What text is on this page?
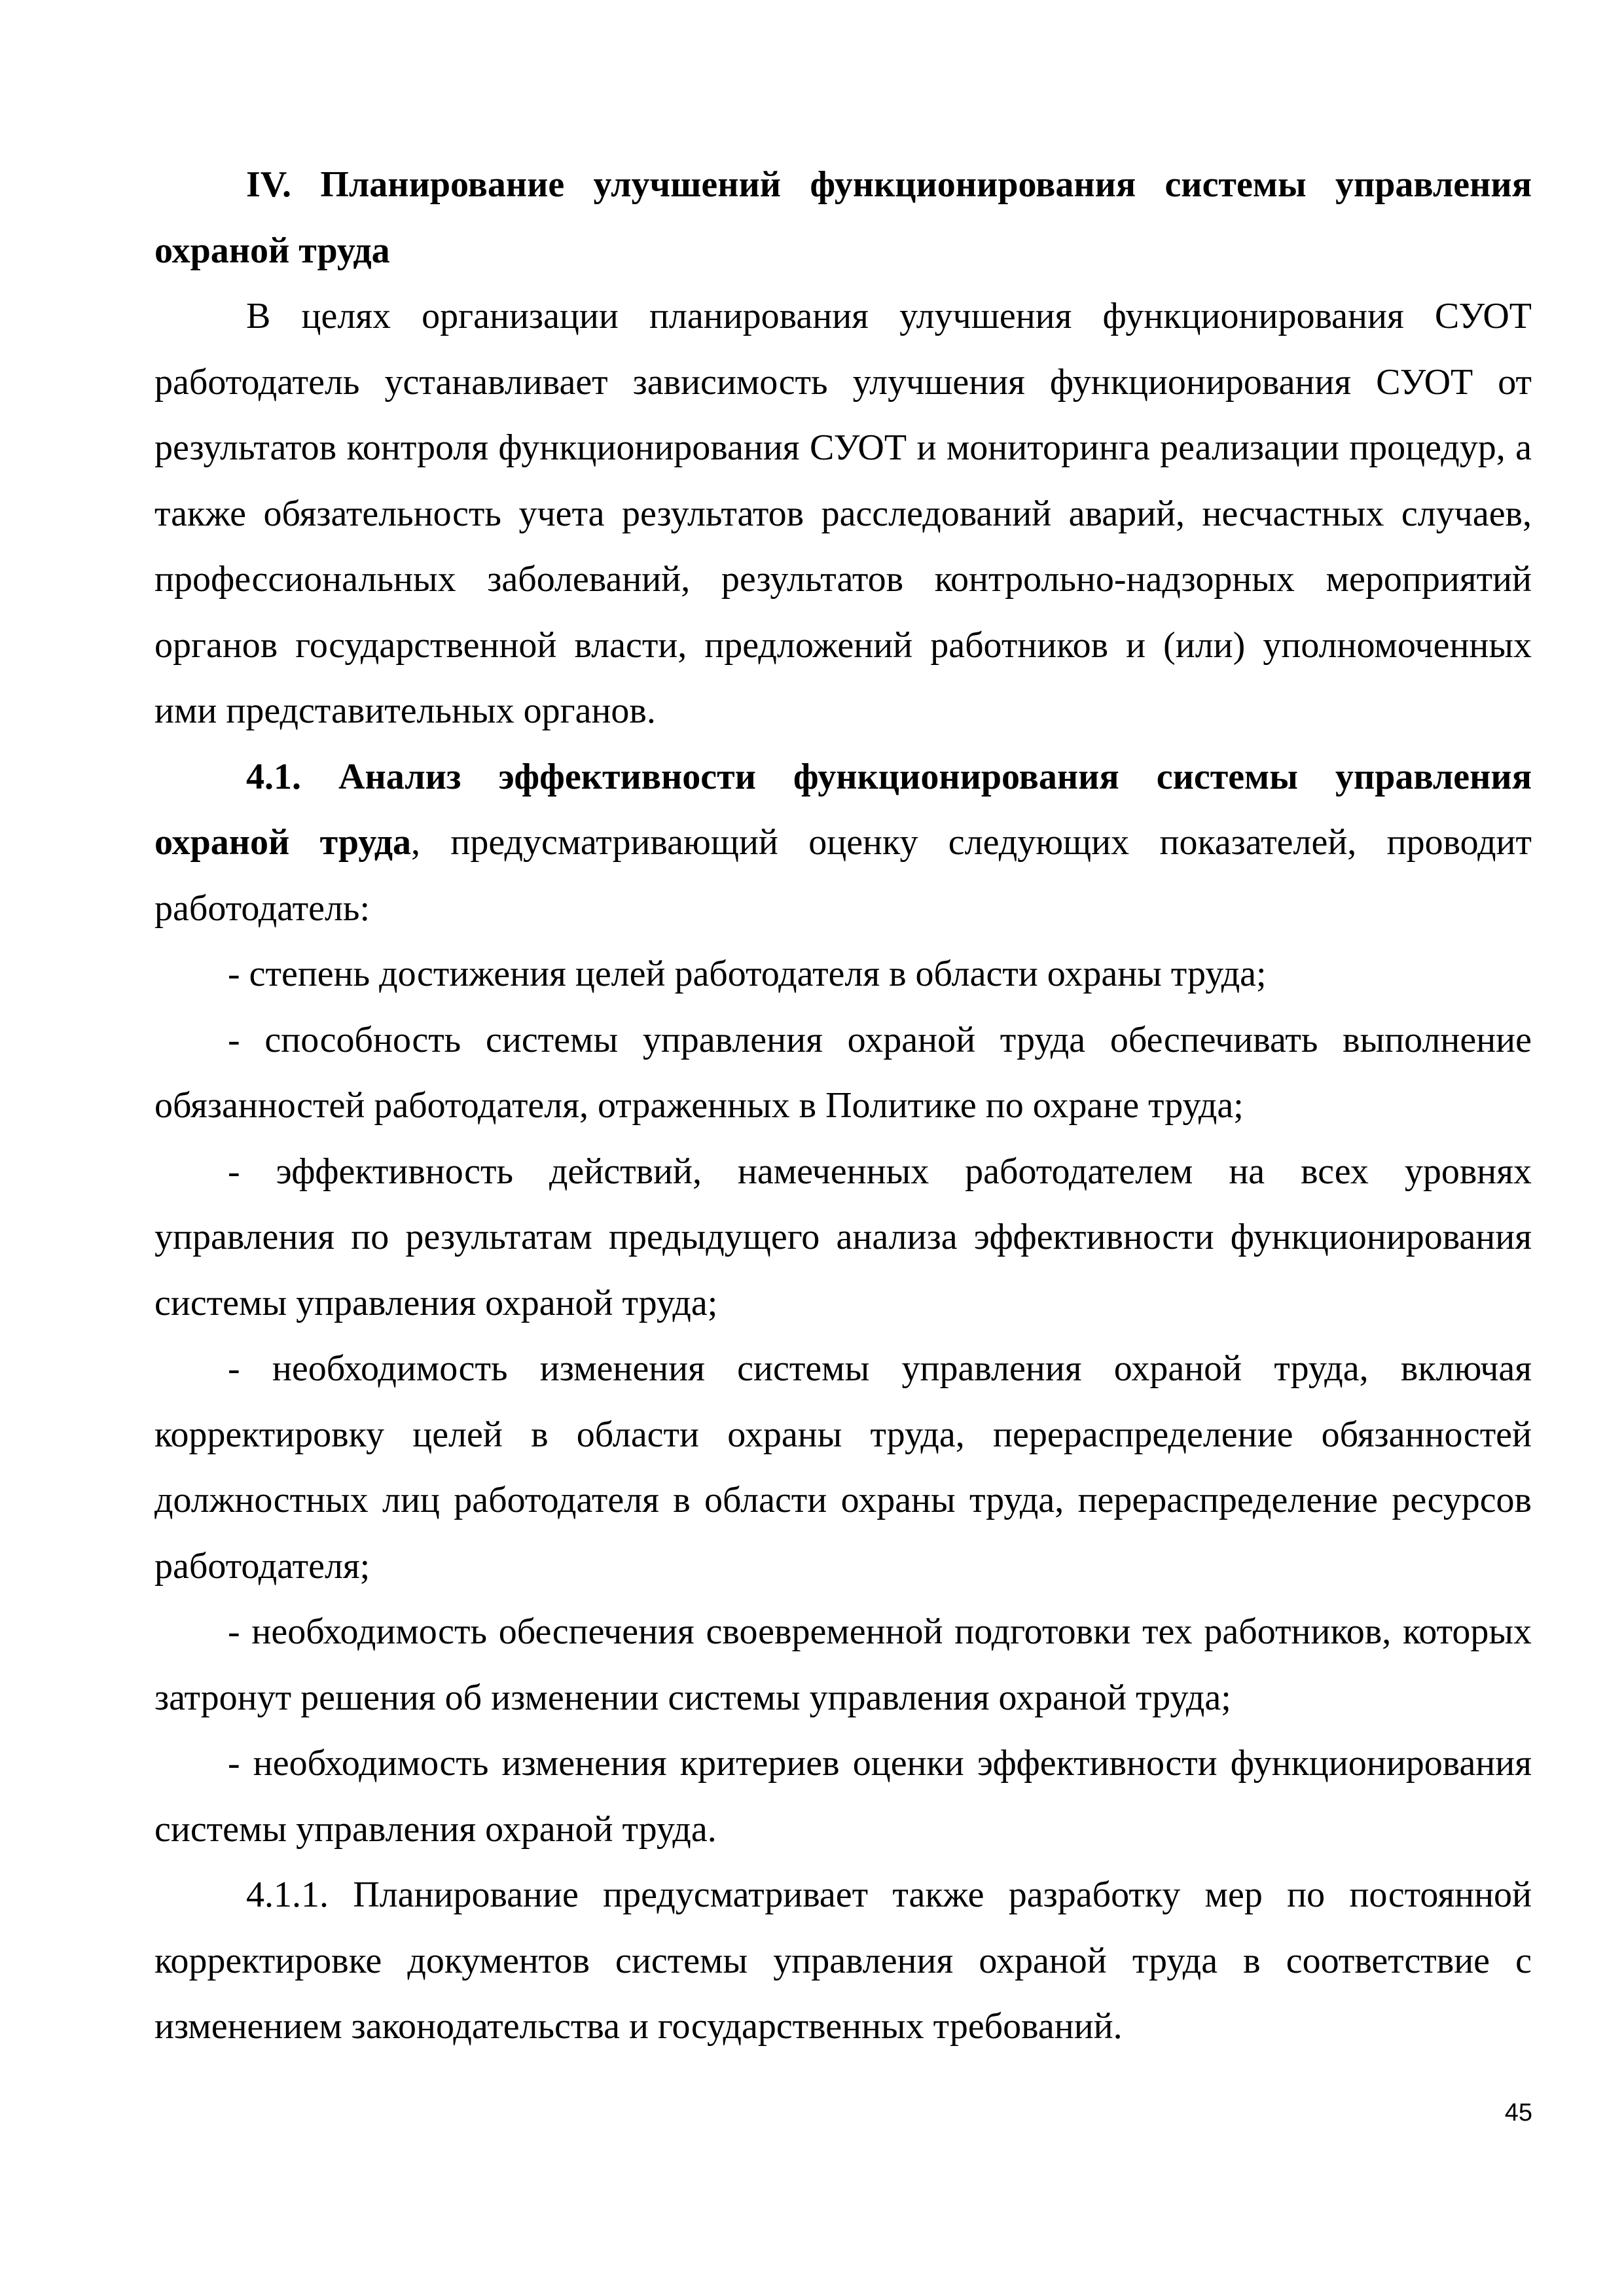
IV. Планирование улучшений функционирования системы управления охраной труда

В целях организации планирования улучшения функционирования СУОТ работодатель устанавливает зависимость улучшения функционирования СУОТ от результатов контроля функционирования СУОТ и мониторинга реализации процедур, а также обязательность учета результатов расследований аварий, несчастных случаев, профессиональных заболеваний, результатов контрольно-надзорных мероприятий органов государственной власти, предложений работников и (или) уполномоченных ими представительных органов.

4.1. Анализ эффективности функционирования системы управления охраной труда, предусматривающий оценку следующих показателей, проводит работодатель:

- степень достижения целей работодателя в области охраны труда;

- способность системы управления охраной труда обеспечивать выполнение обязанностей работодателя, отраженных в Политике по охране труда;

- эффективность действий, намеченных работодателем на всех уровнях управления по результатам предыдущего анализа эффективности функционирования системы управления охраной труда;

- необходимость изменения системы управления охраной труда, включая корректировку целей в области охраны труда, перераспределение обязанностей должностных лиц работодателя в области охраны труда, перераспределение ресурсов работодателя;

- необходимость обеспечения своевременной подготовки тех работников, которых затронут решения об изменении системы управления охраной труда;

- необходимость изменения критериев оценки эффективности функционирования системы управления охраной труда.

4.1.1. Планирование предусматривает также разработку мер по постоянной корректировке документов системы управления охраной труда в соответствие с изменением законодательства и государственных требований.

45
